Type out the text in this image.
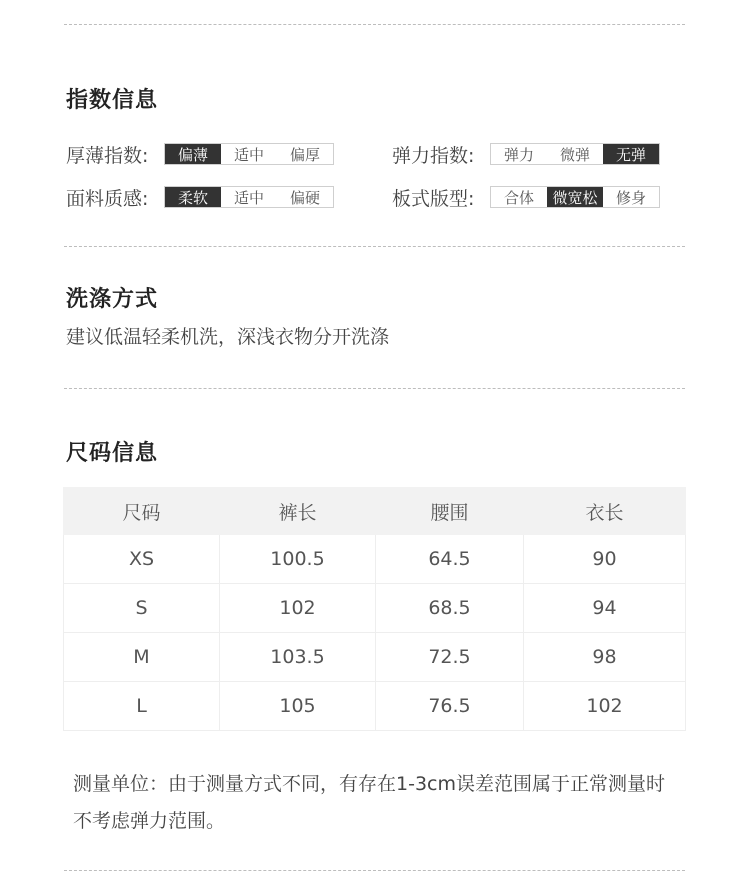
指数信息
厚薄指数:	偏薄	适中	偏厚	弹力指数:	弹力	微弹	无弹
面料质感:	柔软	适中	偏硬	板式版型:	合体	微宽松	修身
洗涤方式
建议低温轻柔机洗，深浅衣物分开洗涤
尺码信息
尺码	裤长	腰围	衣长
XS	100.5	64.5	90
S	102	68.5	94
M	103.5	72.5	98
L	105	76.5	102
测量单位：由于测量方式不同，有存在1-3cm误差范围属于正常测量时不考虑弹力范围。
